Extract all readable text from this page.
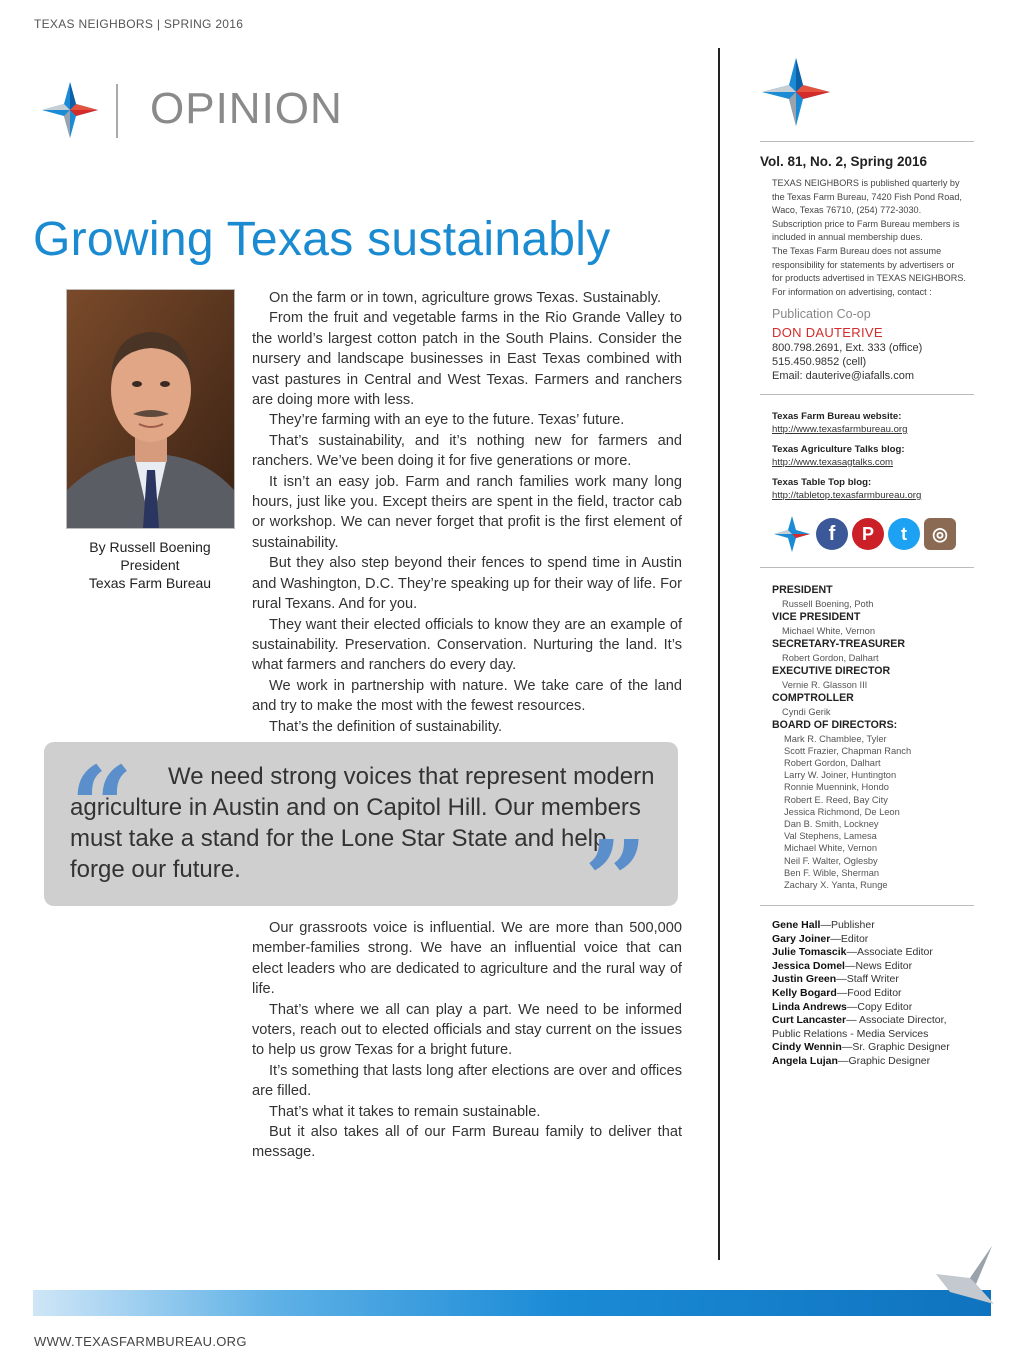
TEXAS NEIGHBORS | SPRING 2016
OPINION
Growing Texas sustainably
By Russell Boening
President
Texas Farm Bureau

On the farm or in town, agriculture grows Texas. Sustainably.

From the fruit and vegetable farms in the Rio Grande Valley to the world’s largest cotton patch in the South Plains. Consider the nursery and landscape businesses in East Texas combined with vast pastures in Central and West Texas. Farmers and ranchers are doing more with less.

They’re farming with an eye to the future. Texas’ future.

That’s sustainability, and it’s nothing new for farmers and ranchers. We’ve been doing it for five generations or more.

It isn’t an easy job. Farm and ranch families work many long hours, just like you. Except theirs are spent in the field, tractor cab or workshop. We can never forget that profit is the first element of sustainability.

But they also step beyond their fences to spend time in Austin and Washington, D.C. They’re speaking up for their way of life. For rural Texans. And for you.

They want their elected officials to know they are an example of sustainability. Preservation. Conservation. Nurturing the land. It’s what farmers and ranchers do every day.

We work in partnership with nature. We take care of the land and try to make the most with the fewest resources.

That’s the definition of sustainability.

“	We need strong voices that represent modern agriculture in Austin and on Capitol Hill. Our members must take a stand for the Lone Star State and help forge our future.	”

Our grassroots voice is influential. We are more than 500,000 member-families strong. We have an influential voice that can elect leaders who are dedicated to agriculture and the rural way of life.

That’s where we all can play a part. We need to be informed voters, reach out to elected officials and stay current on the issues to help us grow Texas for a bright future.

It’s something that lasts long after elections are over and offices are filled.

That’s what it takes to remain sustainable.

But it also takes all of our Farm Bureau family to deliver that message.

Vol. 81, No. 2, Spring 2016
TEXAS NEIGHBORS is published quarterly by
the Texas Farm Bureau, 7420 Fish Pond Road,
Waco, Texas 76710, (254) 772-3030.
Subscription price to Farm Bureau members is
included in annual membership dues.
The Texas Farm Bureau does not assume
responsibility for statements by advertisers or
for products advertised in TEXAS NEIGHBORS.
For information on advertising, contact :
Publication Co-op
DON DAUTERIVE
800.798.2691, Ext. 333 (office)
515.450.9852 (cell)
Email: dauterive@iafalls.com
Texas Farm Bureau website:
http://www.texasfarmbureau.org
Texas Agriculture Talks blog:
http://www.texasagtalks.com
Texas Table Top blog:
http://tabletop.texasfarmbureau.org
f	P	t	◎
PRESIDENT
Russell Boening, Poth
VICE PRESIDENT
Michael White, Vernon
SECRETARY-TREASURER
Robert Gordon, Dalhart
EXECUTIVE DIRECTOR
Vernie R. Glasson III
COMPTROLLER
Cyndi Gerik
BOARD OF DIRECTORS:
Mark R. Chamblee, Tyler
Scott Frazier, Chapman Ranch
Robert Gordon, Dalhart
Larry W. Joiner, Huntington
Ronnie Muennink, Hondo
Robert E. Reed, Bay City
Jessica Richmond, De Leon
Dan B. Smith, Lockney
Val Stephens, Lamesa
Michael White, Vernon
Neil F. Walter, Oglesby
Ben F. Wible, Sherman
Zachary X. Yanta, Runge
Gene Hall—Publisher
Gary Joiner—Editor
Julie Tomascik—Associate Editor
Jessica Domel—News Editor
Justin Green—Staff Writer
Kelly Bogard—Food Editor
Linda Andrews—Copy Editor
Curt Lancaster— Associate Director, Public Relations - Media Services
Cindy Wennin—Sr. Graphic Designer
Angela Lujan—Graphic Designer
WWW.TEXASFARMBUREAU.ORG
